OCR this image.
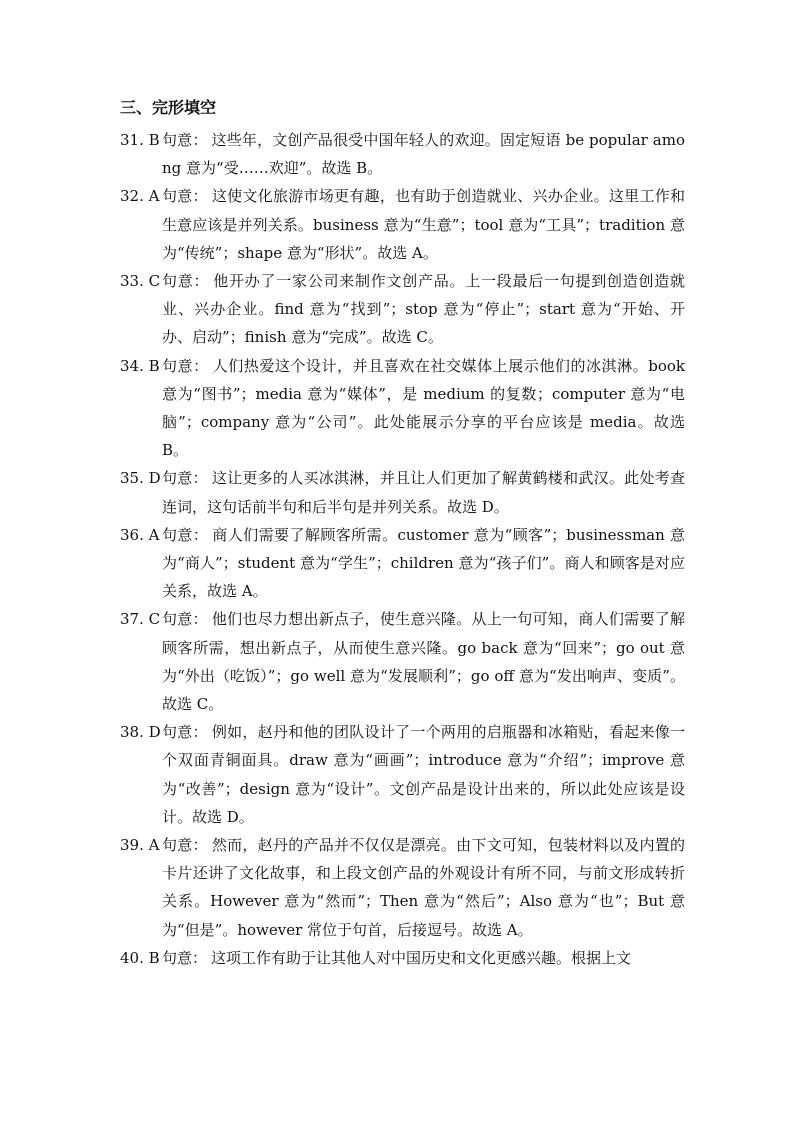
三、完形填空
31. B 句意： 这些年，文创产品很受中国年轻人的欢迎。固定短语 be popular among 意为“受……欢迎”。故选 B。

32. A 句意： 这使文化旅游市场更有趣，也有助于创造就业、兴办企业。这里工作和生意应该是并列关系。business 意为“生意”；tool 意为“工具”；tradition 意为“传统”；shape 意为“形状”。故选 A。

33. C 句意： 他开办了一家公司来制作文创产品。上一段最后一句提到创造创造就业、兴办企业。find 意为“找到”；stop 意为“停止”；start 意为“开始、开办、启动”；finish 意为“完成”。故选 C。

34. B 句意： 人们热爱这个设计，并且喜欢在社交媒体上展示他们的冰淇淋。book 意为“图书”；media 意为“媒体”，是 medium 的复数；computer 意为“电脑”；company 意为“公司”。此处能展示分享的平台应该是 media。故选 B。

35. D 句意： 这让更多的人买冰淇淋，并且让人们更加了解黄鹤楼和武汉。此处考查连词，这句话前半句和后半句是并列关系。故选 D。

36. A 句意： 商人们需要了解顾客所需。customer 意为“顾客”；businessman 意为“商人”；student 意为“学生”；children 意为“孩子们”。商人和顾客是对应关系，故选 A。

37. C 句意： 他们也尽力想出新点子，使生意兴隆。从上一句可知，商人们需要了解顾客所需，想出新点子，从而使生意兴隆。go back 意为“回来”；go out 意为“外出（吃饭）”；go well 意为“发展顺利”；go off 意为“发出响声、变质”。故选 C。

38. D 句意： 例如，赵丹和他的团队设计了一个两用的启瓶器和冰箱贴，看起来像一个双面青铜面具。draw 意为“画画”；introduce 意为“介绍”；improve 意为“改善”；design 意为“设计”。文创产品是设计出来的，所以此处应该是设计。故选 D。

39. A 句意： 然而，赵丹的产品并不仅仅是漂亮。由下文可知，包装材料以及内置的卡片还讲了文化故事，和上段文创产品的外观设计有所不同，与前文形成转折关系。However 意为“然而”；Then 意为“然后”；Also 意为“也”；But 意为“但是”。however 常位于句首，后接逗号。故选 A。

40. B 句意： 这项工作有助于让其他人对中国历史和文化更感兴趣。根据上文
